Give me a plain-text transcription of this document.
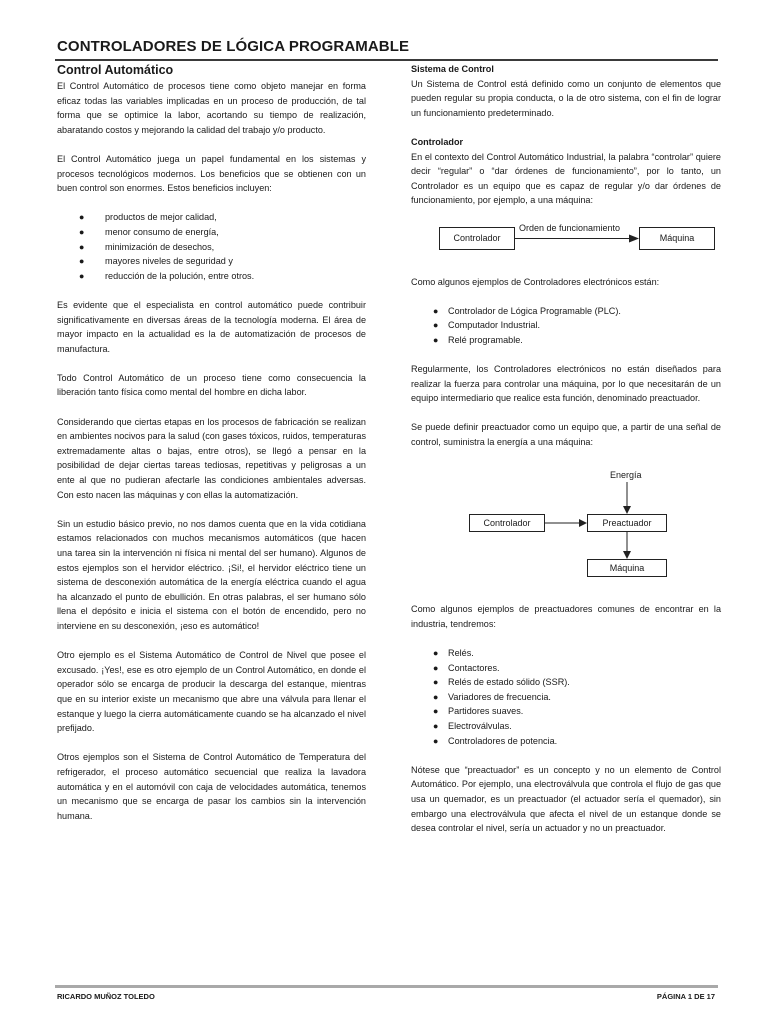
CONTROLADORES DE LÓGICA PROGRAMABLE
Control Automático

El Control Automático de procesos tiene como objeto manejar en forma eficaz todas las variables implicadas en un proceso de producción, de tal forma que se optimice la labor, acortando su tiempo de realización, abaratando costos y mejorando la calidad del trabajo y/o producto.

El Control Automático juega un papel fundamental en los sistemas y procesos tecnológicos modernos. Los beneficios que se obtienen con un buen control son enormes. Estos beneficios incluyen:

● productos de mejor calidad,
● menor consumo de energía,
● minimización de desechos,
● mayores niveles de seguridad y
● reducción de la polución, entre otros.

Es evidente que el especialista en control automático puede contribuir significativamente en diversas áreas de la tecnología moderna. El área de mayor impacto en la actualidad es la de automatización de procesos de manufactura.

Todo Control Automático de un proceso tiene como consecuencia la liberación tanto física como mental del hombre en dicha labor.

Considerando que ciertas etapas en los procesos de fabricación se realizan en ambientes nocivos para la salud (con gases tóxicos, ruidos, temperaturas extremadamente altas o bajas, entre otros), se llegó a pensar en la posibilidad de dejar ciertas tareas tediosas, repetitivas y peligrosas a un ente al que no pudieran afectarle las condiciones ambientales adversas. Con esto nacen las máquinas y con ellas la automatización.

Sin un estudio básico previo, no nos damos cuenta que en la vida cotidiana estamos relacionados con muchos mecanismos automáticos (que hacen una tarea sin la intervención ni física ni mental del ser humano). Algunos de estos ejemplos son el hervidor eléctrico. ¡Si!, el hervidor eléctrico tiene un sistema de desconexión automática de la energía eléctrica cuando el agua ha alcanzado el punto de ebullición. En otras palabras, el ser humano sólo llena el depósito e inicia el sistema con el botón de encendido, pero no interviene en su desconexión, ¡eso es automático!

Otro ejemplo es el Sistema Automático de Control de Nivel que posee el excusado. ¡Yes!, ese es otro ejemplo de un Control Automático, en donde el operador sólo se encarga de producir la descarga del estanque, mientras que en su interior existe un mecanismo que abre una válvula para llenar el estanque y luego la cierra automáticamente cuando se ha alcanzado el nivel prefijado.

Otros ejemplos son el Sistema de Control Automático de Temperatura del refrigerador, el proceso automático secuencial que realiza la lavadora automática y en el automóvil con caja de velocidades automática, tenemos un mecanismo que se encarga de pasar los cambios sin la intervención humana.

Sistema de Control

Un Sistema de Control está definido como un conjunto de elementos que pueden regular su propia conducta, o la de otro sistema, con el fin de lograr un funcionamiento predeterminado.

Controlador

En el contexto del Control Automático Industrial, la palabra “controlar” quiere decir “regular” o “dar órdenes de funcionamiento”, por lo tanto, un Controlador es un equipo que es capaz de regular y/o dar órdenes de funcionamiento, por ejemplo, a una máquina:

Controlador
Orden de funcionamiento
Máquina

Como algunos ejemplos de Controladores electrónicos están:

● Controlador de Lógica Programable (PLC).
● Computador Industrial.
● Relé programable.

Regularmente, los Controladores electrónicos no están diseñados para realizar la fuerza para controlar una máquina, por lo que necesitarán de un equipo intermediario que realice esta función, denominado preactuador.

Se puede definir preactuador como un equipo que, a partir de una señal de control, suministra la energía a una máquina:

Energía
Controlador	Preactuador
Máquina

Como algunos ejemplos de preactuadores comunes de encontrar en la industria, tendremos:

● Relés.
● Contactores.
● Relés de estado sólido (SSR).
● Variadores de frecuencia.
● Partidores suaves.
● Electroválvulas.
● Controladores de potencia.

Nótese que “preactuador” es un concepto y no un elemento de Control Automático. Por ejemplo, una electroválvula que controla el flujo de gas que usa un quemador, es un preactuador (el actuador sería el quemador), sin embargo una electroválvula que afecta el nivel de un estanque donde se desea controlar el nivel, sería un actuador y no un preactuador.

RICARDO MUÑOZ TOLEDO	PÁGINA 1 DE 17
